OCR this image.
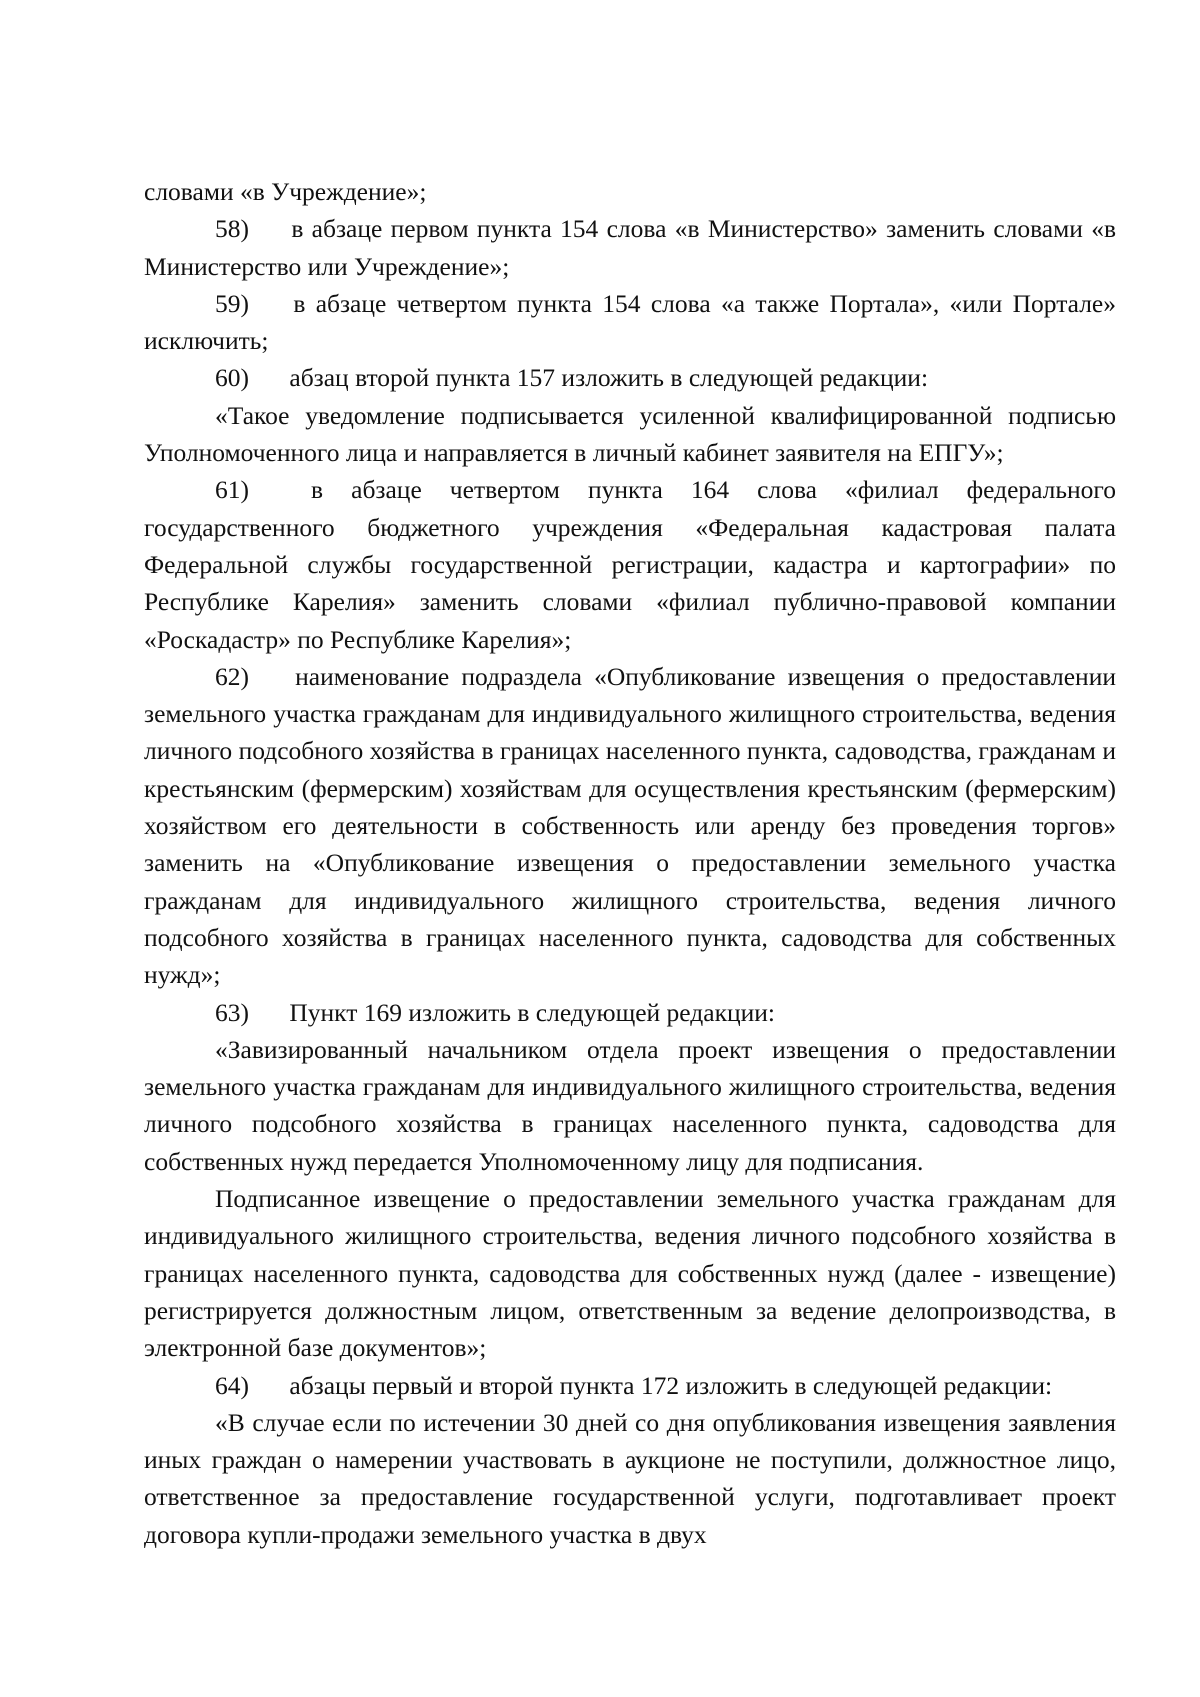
словами «в Учреждение»;

58) в абзаце первом пункта 154 слова «в Министерство» заменить словами «в Министерство или Учреждение»;

59) в абзаце четвертом пункта 154 слова «а также Портала», «или Портале» исключить;

60) абзац второй пункта 157 изложить в следующей редакции:

«Такое уведомление подписывается усиленной квалифицированной подписью Уполномоченного лица и направляется в личный кабинет заявителя на ЕПГУ»;

61) в абзаце четвертом пункта 164 слова «филиал федерального государственного бюджетного учреждения «Федеральная кадастровая палата Федеральной службы государственной регистрации, кадастра и картографии» по Республике Карелия» заменить словами «филиал публично-правовой компании «Роскадастр» по Республике Карелия»;

62) наименование подраздела «Опубликование извещения о предоставлении земельного участка гражданам для индивидуального жилищного строительства, ведения личного подсобного хозяйства в границах населенного пункта, садоводства, гражданам и крестьянским (фермерским) хозяйствам для осуществления крестьянским (фермерским) хозяйством его деятельности в собственность или аренду без проведения торгов» заменить на «Опубликование извещения о предоставлении земельного участка гражданам для индивидуального жилищного строительства, ведения личного подсобного хозяйства в границах населенного пункта, садоводства для собственных нужд»;

63) Пункт 169 изложить в следующей редакции:

«Завизированный начальником отдела проект извещения о предоставлении земельного участка гражданам для индивидуального жилищного строительства, ведения личного подсобного хозяйства в границах населенного пункта, садоводства для собственных нужд передается Уполномоченному лицу для подписания.

Подписанное извещение о предоставлении земельного участка гражданам для индивидуального жилищного строительства, ведения личного подсобного хозяйства в границах населенного пункта, садоводства для собственных нужд (далее - извещение) регистрируется должностным лицом, ответственным за ведение делопроизводства, в электронной базе документов»;

64) абзацы первый и второй пункта 172 изложить в следующей редакции:

«В случае если по истечении 30 дней со дня опубликования извещения заявления иных граждан о намерении участвовать в аукционе не поступили, должностное лицо, ответственное за предоставление государственной услуги, подготавливает проект договора купли-продажи земельного участка в двух
